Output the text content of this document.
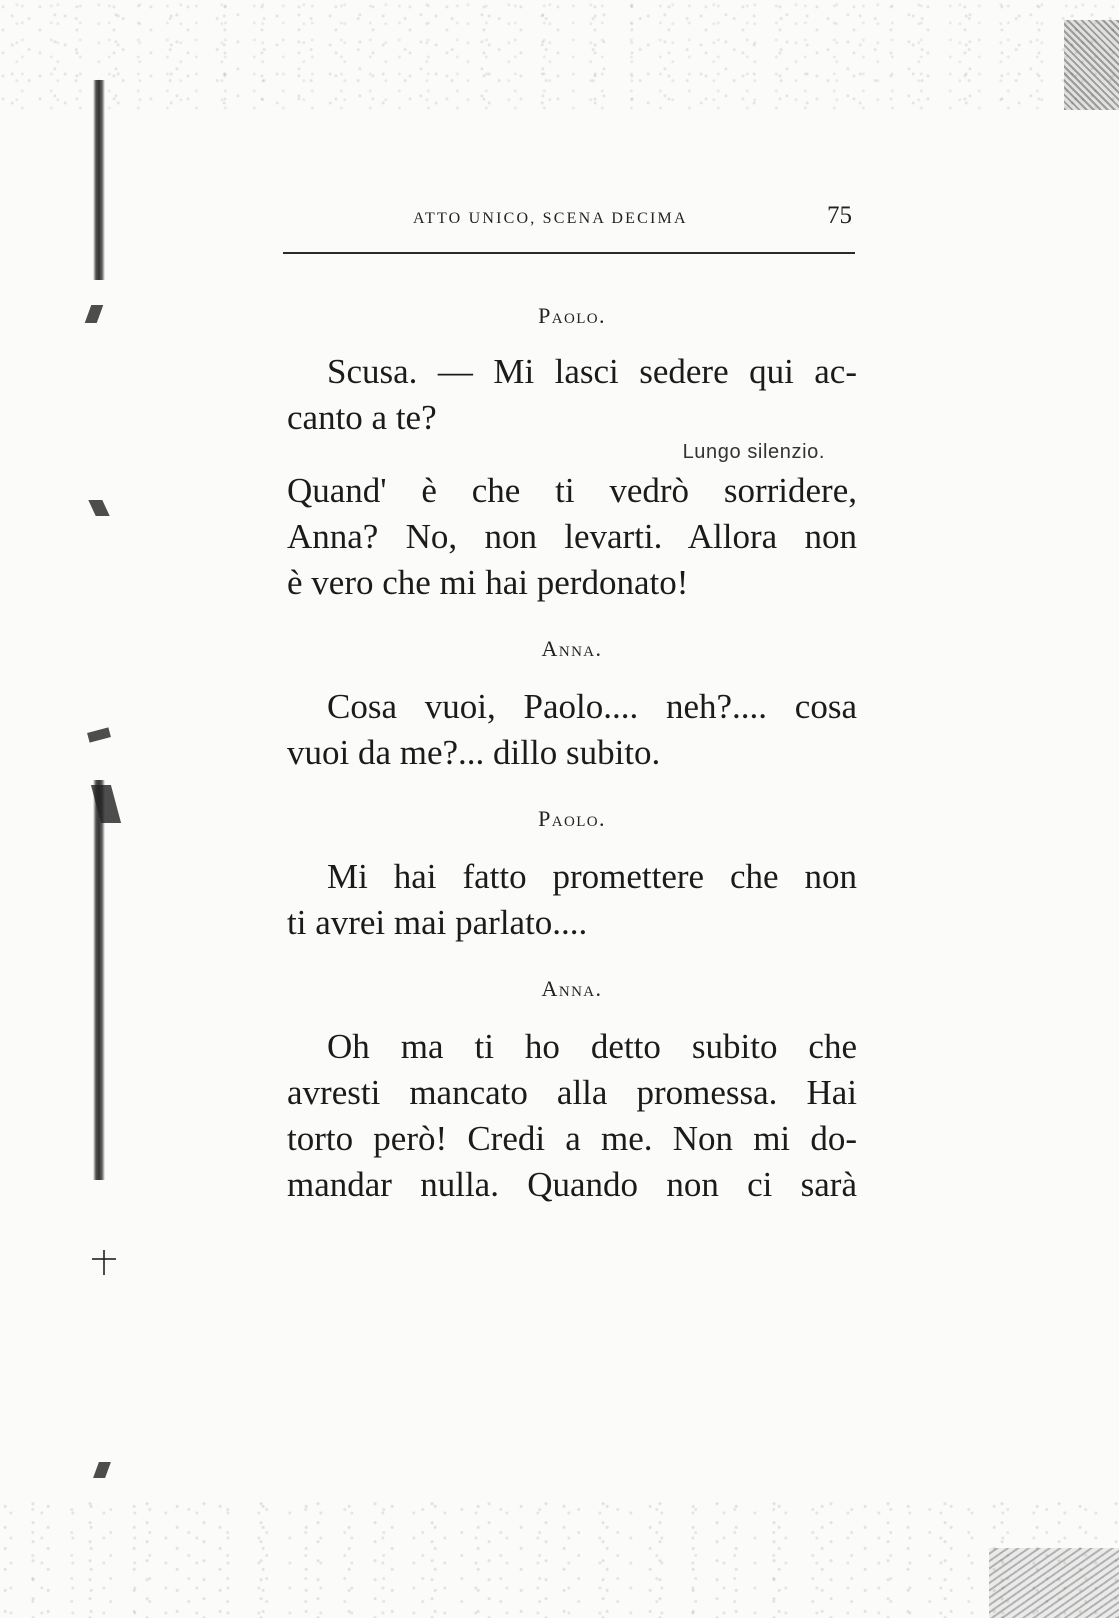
ATTO UNICO, SCENA DECIMA	75

Paolo.

Scusa. — Mi lasci sedere qui ac-

canto a te?

Lungo silenzio.

Quand' è che ti vedrò sorridere,

Anna? No, non levarti. Allora non

è vero che mi hai perdonato!

Anna.

Cosa vuoi, Paolo.... neh?.... cosa

vuoi da me?... dillo subito.

Paolo.

Mi hai fatto promettere che non

ti avrei mai parlato....

Anna.

Oh ma ti ho detto subito che

avresti mancato alla promessa. Hai

torto però! Credi a me. Non mi do-

mandar nulla. Quando non ci sarà
